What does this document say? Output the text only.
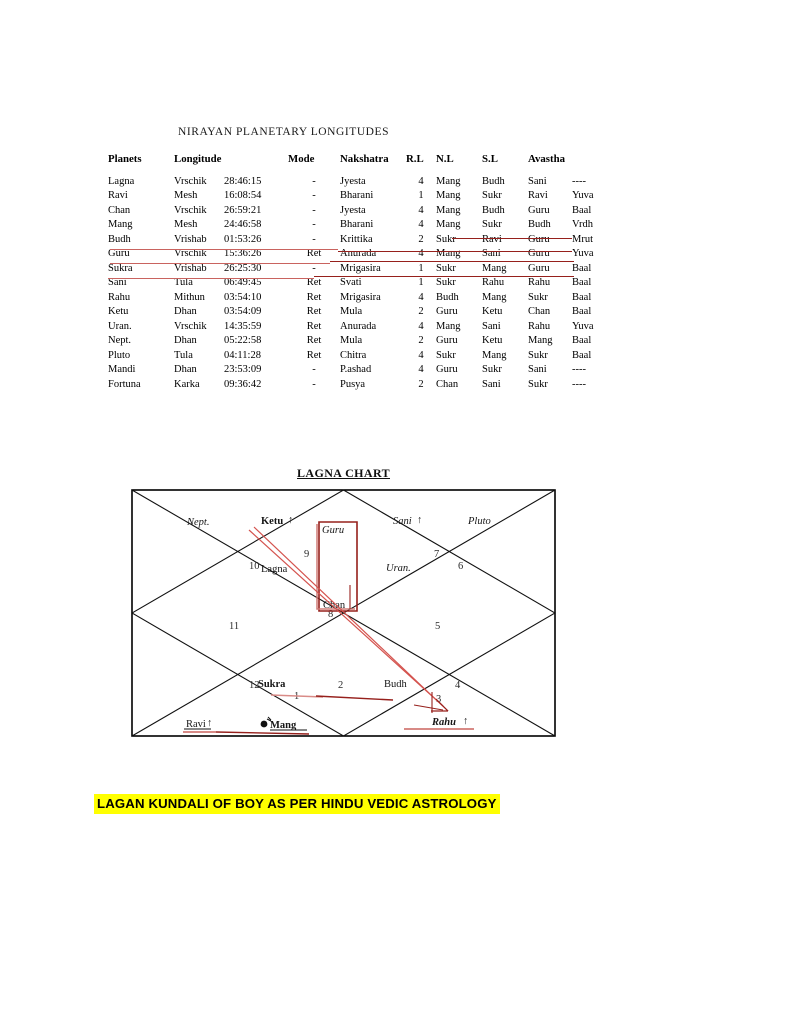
NIRAYAN PLANETARY LONGITUDES
Planets	Longitude		Mode	Nakshatra	R.L	N.L	S.L	Avastha	
Lagna	Vrschik	28:46:15	-	Jyesta	4	Mang	Budh	Sani	----
Ravi	Mesh	16:08:54	-	Bharani	1	Mang	Sukr	Ravi	Yuva
Chan	Vrschik	26:59:21	-	Jyesta	4	Mang	Budh	Guru	Baal
Mang	Mesh	24:46:58	-	Bharani	4	Mang	Sukr	Budh	Vrdh
Budh	Vrishab	01:53:26	-	Krittika	2	Sukr	Ravi	Guru	Mrut
Guru	Vrschik	15:36:26	Ret	Anurada	4	Mang	Sani	Guru	Yuva
Sukra	Vrishab	26:25:30	-	Mrigasira	1	Sukr	Mang	Guru	Baal
Sani	Tula	06:49:45	Ret	Svati	1	Sukr	Rahu	Rahu	Baal
Rahu	Mithun	03:54:10	Ret	Mrigasira	4	Budh	Mang	Sukr	Baal
Ketu	Dhan	03:54:09	Ret	Mula	2	Guru	Ketu	Chan	Baal
Uran.	Vrschik	14:35:59	Ret	Anurada	4	Mang	Sani	Rahu	Yuva
Nept.	Dhan	05:22:58	Ret	Mula	2	Guru	Ketu	Mang	Baal
Pluto	Tula	04:11:28	Ret	Chitra	4	Sukr	Mang	Sukr	Baal
Mandi	Dhan	23:53:09	-	P.ashad	4	Guru	Sukr	Sani	----
Fortuna	Karka	09:36:42	-	Pusya	2	Chan	Sani	Sukr	----
LAGNA CHART
8
9
10
11
12
1
2
3
4
5
6
7
Nept.	Ketu ↑
Guru
Sani ↑	Pluto
Lagna	Uran.
Chan
Sukra	Budh
Ravi ↑	Mang	Rahu ↑
LAGAN KUNDALI OF BOY AS PER HINDU VEDIC ASTROLOGY
